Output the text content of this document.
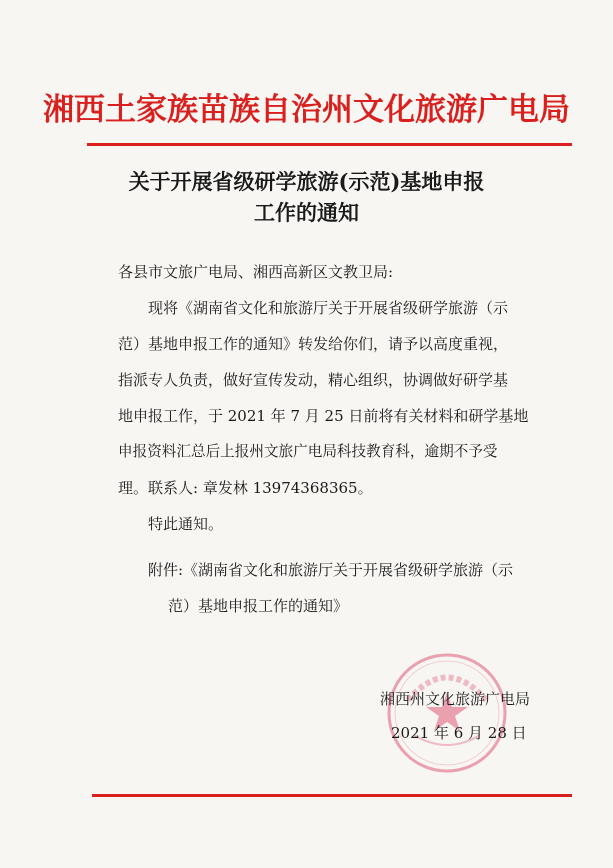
湘西土家族苗族自治州文化旅游广电局
关于开展省级研学旅游(示范)基地申报
工作的通知
各县市文旅广电局、湘西高新区文教卫局:
现将《湖南省文化和旅游厅关于开展省级研学旅游（示
范）基地申报工作的通知》转发给你们，请予以高度重视，
指派专人负责，做好宣传发动，精心组织，协调做好研学基
地申报工作，于 2021 年 7 月 25 日前将有关材料和研学基地
申报资料汇总后上报州文旅广电局科技教育科，逾期不予受
理。联系人: 章发林 13974368365。
特此通知。
附件:《湖南省文化和旅游厅关于开展省级研学旅游（示
范）基地申报工作的通知》
湘西州文化旅游广电局
2021 年 6 月 28 日
